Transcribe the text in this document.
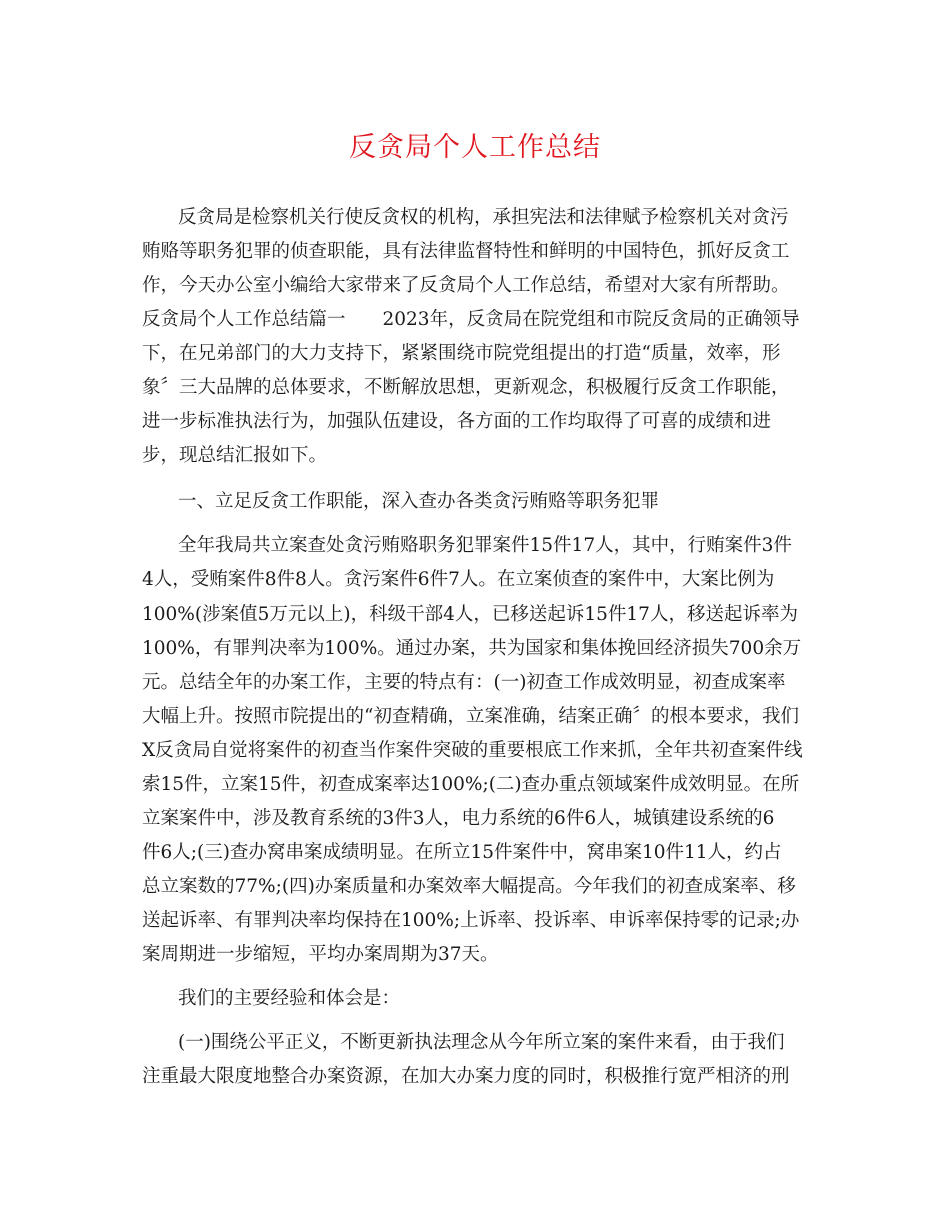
反贪局个人工作总结
反贪局是检察机关行使反贪权的机构，承担宪法和法律赋予检察机关对贪污
贿赂等职务犯罪的侦查职能，具有法律监督特性和鲜明的中国特色，抓好反贪工
作，今天办公室小编给大家带来了反贪局个人工作总结，希望对大家有所帮助。
反贪局个人工作总结篇一　　2023年，反贪局在院党组和市院反贪局的正确领导
下，在兄弟部门的大力支持下，紧紧围绕市院党组提出的打造“质量，效率，形
象〞三大品牌的总体要求，不断解放思想，更新观念，积极履行反贪工作职能，
进一步标准执法行为，加强队伍建设，各方面的工作均取得了可喜的成绩和进
步，现总结汇报如下。
一、立足反贪工作职能，深入查办各类贪污贿赂等职务犯罪
全年我局共立案查处贪污贿赂职务犯罪案件15件17人，其中，行贿案件3件
4人，受贿案件8件8人。贪污案件6件7人。在立案侦查的案件中，大案比例为
100%(涉案值5万元以上)，科级干部4人，已移送起诉15件17人，移送起诉率为
100%，有罪判决率为100%。通过办案，共为国家和集体挽回经济损失700余万
元。总结全年的办案工作，主要的特点有：(一)初查工作成效明显，初查成案率
大幅上升。按照市院提出的“初查精确，立案准确，结案正确〞的根本要求，我们
X反贪局自觉将案件的初查当作案件突破的重要根底工作来抓，全年共初查案件线
索15件，立案15件，初查成案率达100%;(二)查办重点领域案件成效明显。在所
立案案件中，涉及教育系统的3件3人，电力系统的6件6人，城镇建设系统的6
件6人;(三)查办窝串案成绩明显。在所立15件案件中，窝串案10件11人，约占
总立案数的77%;(四)办案质量和办案效率大幅提高。今年我们的初查成案率、移
送起诉率、有罪判决率均保持在100%;上诉率、投诉率、申诉率保持零的记录;办
案周期进一步缩短，平均办案周期为37天。
我们的主要经验和体会是：
(一)围绕公平正义，不断更新执法理念从今年所立案的案件来看，由于我们
注重最大限度地整合办案资源，在加大办案力度的同时，积极推行宽严相济的刑
